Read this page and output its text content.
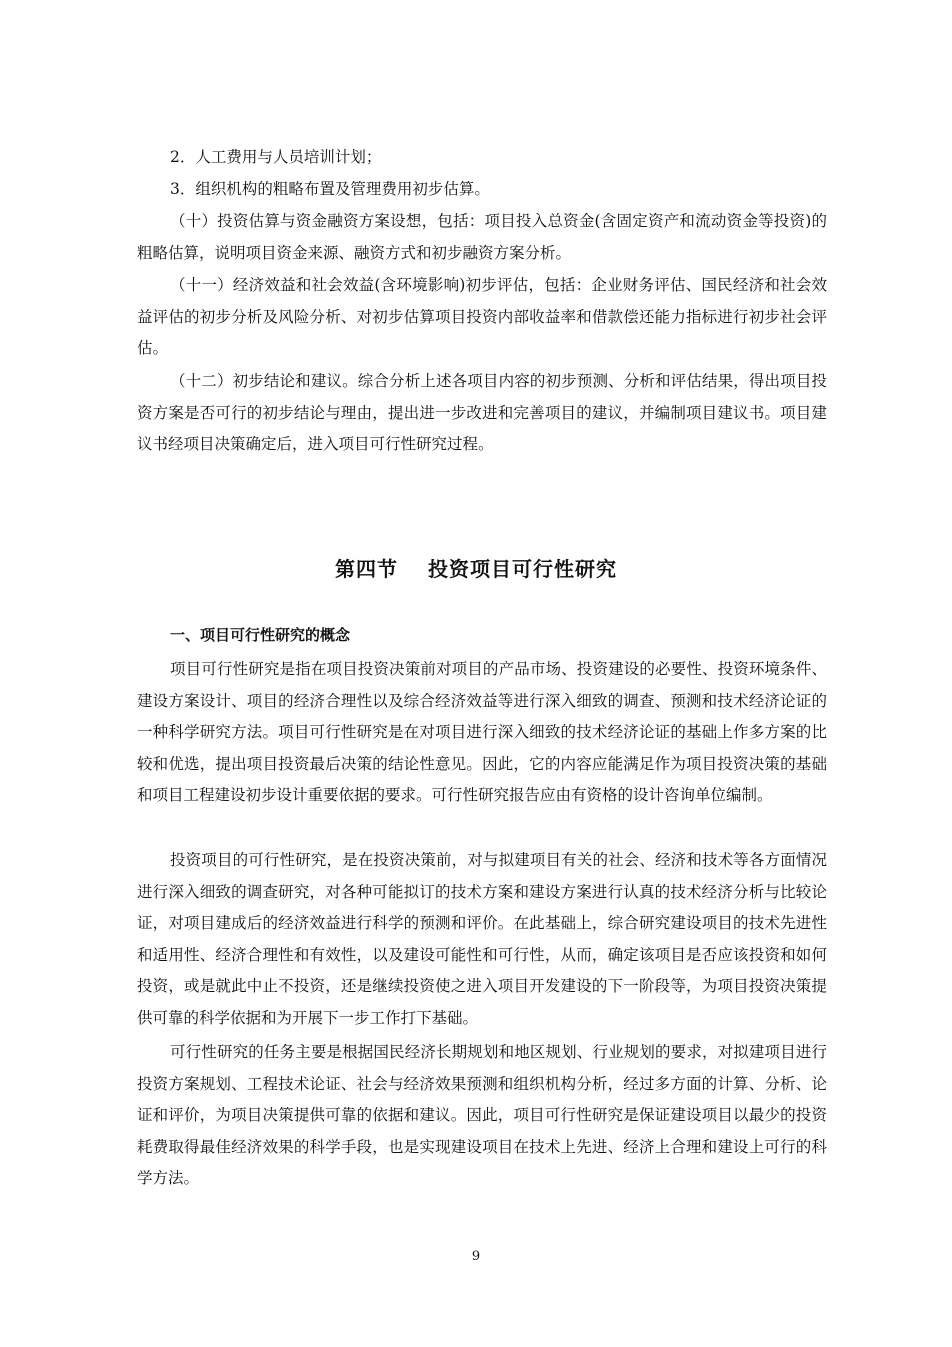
2．人工费用与人员培训计划；

3．组织机构的粗略布置及管理费用初步估算。

（十）投资估算与资金融资方案设想，包括：项目投入总资金(含固定资产和流动资金等投资)的粗略估算，说明项目资金来源、融资方式和初步融资方案分析。

（十一）经济效益和社会效益(含环境影响)初步评估，包括：企业财务评估、国民经济和社会效益评估的初步分析及风险分析、对初步估算项目投资内部收益率和借款偿还能力指标进行初步社会评估。

（十二）初步结论和建议。综合分析上述各项目内容的初步预测、分析和评估结果，得出项目投资方案是否可行的初步结论与理由，提出进一步改进和完善项目的建议，并编制项目建议书。项目建议书经项目决策确定后，进入项目可行性研究过程。

第四节 投资项目可行性研究
一、项目可行性研究的概念

项目可行性研究是指在项目投资决策前对项目的产品市场、投资建设的必要性、投资环境条件、建设方案设计、项目的经济合理性以及综合经济效益等进行深入细致的调查、预测和技术经济论证的一种科学研究方法。项目可行性研究是在对项目进行深入细致的技术经济论证的基础上作多方案的比较和优选，提出项目投资最后决策的结论性意见。因此，它的内容应能满足作为项目投资决策的基础和项目工程建设初步设计重要依据的要求。可行性研究报告应由有资格的设计咨询单位编制。

投资项目的可行性研究，是在投资决策前，对与拟建项目有关的社会、经济和技术等各方面情况进行深入细致的调查研究，对各种可能拟订的技术方案和建设方案进行认真的技术经济分析与比较论证，对项目建成后的经济效益进行科学的预测和评价。在此基础上，综合研究建设项目的技术先进性和适用性、经济合理性和有效性，以及建设可能性和可行性，从而，确定该项目是否应该投资和如何投资，或是就此中止不投资，还是继续投资使之进入项目开发建设的下一阶段等，为项目投资决策提供可靠的科学依据和为开展下一步工作打下基础。

可行性研究的任务主要是根据国民经济长期规划和地区规划、行业规划的要求，对拟建项目进行投资方案规划、工程技术论证、社会与经济效果预测和组织机构分析，经过多方面的计算、分析、论证和评价，为项目决策提供可靠的依据和建议。因此，项目可行性研究是保证建设项目以最少的投资耗费取得最佳经济效果的科学手段，也是实现建设项目在技术上先进、经济上合理和建设上可行的科学方法。

9
